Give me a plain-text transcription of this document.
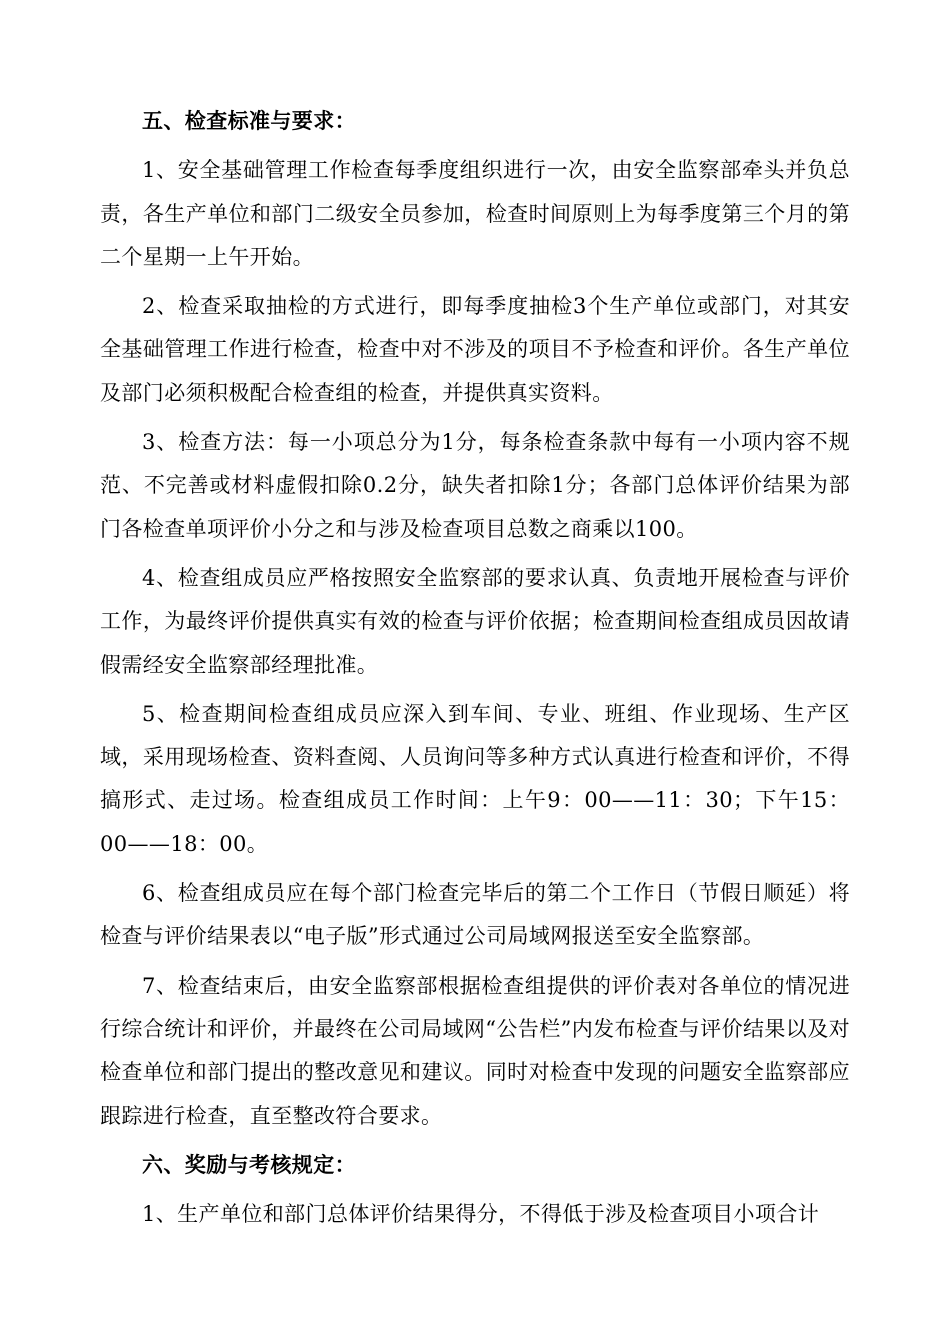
五、检查标准与要求：

1、安全基础管理工作检查每季度组织进行一次，由安全监察部牵头并负总责，各生产单位和部门二级安全员参加，检查时间原则上为每季度第三个月的第二个星期一上午开始。

2、检查采取抽检的方式进行，即每季度抽检3个生产单位或部门，对其安全基础管理工作进行检查，检查中对不涉及的项目不予检查和评价。各生产单位及部门必须积极配合检查组的检查，并提供真实资料。

3、检查方法：每一小项总分为1分，每条检查条款中每有一小项内容不规范、不完善或材料虚假扣除0.2分，缺失者扣除1分；各部门总体评价结果为部门各检查单项评价小分之和与涉及检查项目总数之商乘以100。

4、检查组成员应严格按照安全监察部的要求认真、负责地开展检查与评价工作，为最终评价提供真实有效的检查与评价依据；检查期间检查组成员因故请假需经安全监察部经理批准。

5、检查期间检查组成员应深入到车间、专业、班组、作业现场、生产区域，采用现场检查、资料查阅、人员询问等多种方式认真进行检查和评价，不得搞形式、走过场。检查组成员工作时间：上午9：00——11：30；下午15：00——18：00。

6、检查组成员应在每个部门检查完毕后的第二个工作日（节假日顺延）将检查与评价结果表以“电子版”形式通过公司局域网报送至安全监察部。

7、检查结束后，由安全监察部根据检查组提供的评价表对各单位的情况进行综合统计和评价，并最终在公司局域网“公告栏”内发布检查与评价结果以及对检查单位和部门提出的整改意见和建议。同时对检查中发现的问题安全监察部应跟踪进行检查，直至整改符合要求。

六、奖励与考核规定：

1、生产单位和部门总体评价结果得分，不得低于涉及检查项目小项合计
